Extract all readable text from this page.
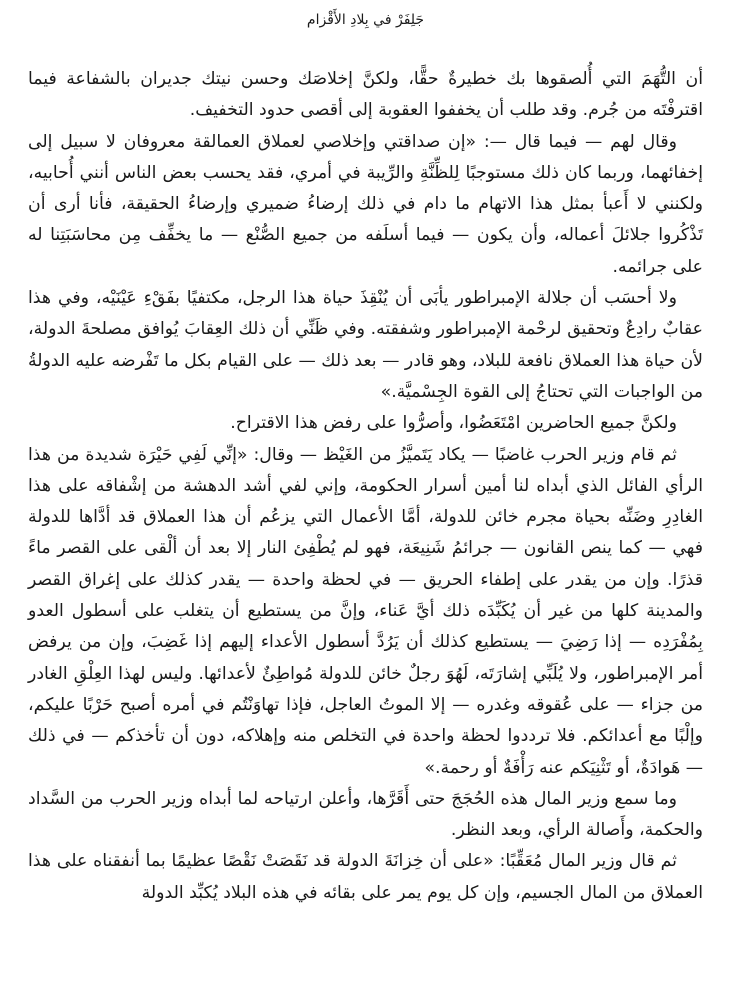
جَلِفَرْ في بِلادِ الأَقْزام

أن التُّهَمَ التي أُلصقوها بك خطيرةٌ حقًّا، ولكنَّ إخلاصَك وحسن نيتك جديران بالشفاعة فيما اقترفْتَه من جُرم. وقد طلب أن يخففوا العقوبة إلى أقصى حدود التخفيف.

وقال لهم — فيما قال —: «إن صداقتي وإخلاصي لعملاق العمالقة معروفان لا سبيل إلى إخفائهما، وربما كان ذلك مستوجبًا لِلظِّنَّةِ والرِّيبة في أمري، فقد يحسب بعض الناس أنني أُحابيه، ولكنني لا أَعبأ بمثل هذا الاتهام ما دام في ذلك إرضاءُ ضميري وإرضاءُ الحقيقة، فأنا أرى أن تَذْكُروا جلائلَ أعماله، وأن يكون — فيما أسلَفه من جميع الصُّنْع — ما يخفِّف مِن محاسَبَتِنا له على جرائمه.

ولا أحسَب أن جلالة الإمبراطور يأبَى أن يُنْقِذَ حياة هذا الرجل، مكتفيًا بفَقْءِ عَيْنَيْه، وفي هذا عقابٌ رادِعٌ وتحقيق لرحْمة الإمبراطور وشفقته. وفي ظَنِّي أن ذلك العِقابَ يُوافق مصلحةَ الدولة، لأن حياة هذا العملاق نافعة للبلاد، وهو قادر — بعد ذلك — على القيام بكل ما تَفْرضه عليه الدولةُ من الواجبات التي تحتاجُ إلى القوة الجِسْميَّة.»

ولكنَّ جميع الحاضرين امْتَعَضُوا، وأصرُّوا على رفض هذا الاقتراح.

ثم قام وزير الحرب غاضبًا — يكاد يَتَميَّزُ من الغَيْظ — وقال: «إنِّي لَفِي حَيْرَة شديدة من هذا الرأي الفائل الذي أبداه لنا أمين أسرار الحكومة، وإني لفي أشد الدهشة من إشْفاقه على هذا الغادِرِ وضَنِّه بحياة مجرم خائن للدولة، أمَّا الأعمال التي يزعُم أن هذا العملاق قد أدَّاها للدولة فهي — كما ينص القانون — جرائمُ شَنِيعَة، فهو لم يُطْفِئ النار إلا بعد أن ألْقى على القصر ماءً قذرًا. وإن من يقدر على إطفاء الحريق — في لحظة واحدة — يقدر كذلك على إغراق القصر والمدينة كلها من غير أن يُكَبِّدَه ذلك أيَّ عَناء، وإنَّ من يستطيع أن يتغلب على أسطول العدو بِمُفْرَدِه — إذا رَضِيَ — يستطيع كذلك أن يَرُدَّ أسطول الأعداء إليهم إذا غَضِبَ، وإن من يرفض أمر الإمبراطور، ولا يُلَبِّي إشارَتَه، لَهُوَ رجلٌ خائن للدولة مُواطِئٌ لأعدائها. وليس لهذا العِلْقِ الغادر من جزاء — على عُقوقه وغدره — إلا الموتُ العاجل، فإذا تهاوَنْتُم في أمره أصبح حَرْبًا عليكم، وإلْبًا مع أعدائكم. فلا ترددوا لحظة واحدة في التخلص منه وإهلاكه، دون أن تأخذكم — في ذلك — هَوادَةٌ، أو تَثْنِيَكم عنه رَأْفَةٌ أو رحمة.»

وما سمع وزير المال هذه الحُجَجَ حتى أَقَرَّها، وأعلن ارتياحه لما أبداه وزير الحرب من السَّداد والحكمة، وأَصالة الرأي، وبعد النظر.

ثم قال وزير المال مُعَقِّبًا: «على أن خِزانَةَ الدولة قد نَقَصَتْ نَقْصًا عظيمًا بما أنفقناه على هذا العملاق من المال الجسيم، وإن كل يوم يمر على بقائه في هذه البلاد يُكبِّد الدولة
